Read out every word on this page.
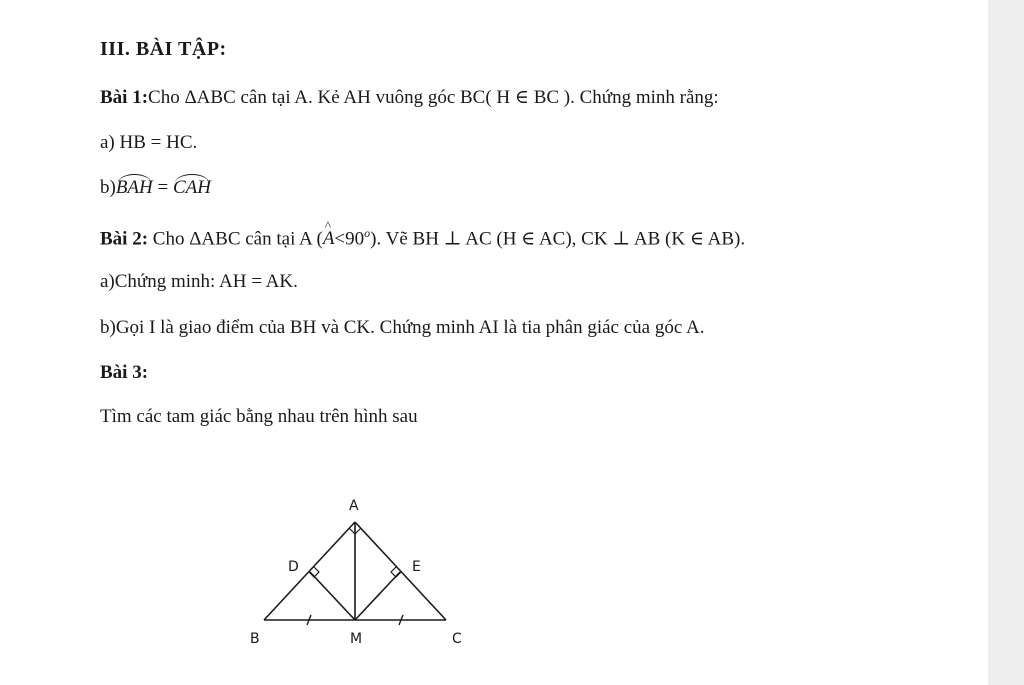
III. BÀI TẬP:
Bài 1:Cho ΔABC cân tại A. Kẻ AH vuông góc BC( H ∈ BC ). Chứng minh rằng:
a) HB = HC.
b)BAH = CAH
Bài 2: Cho ΔABC cân tại A (^ $A<90^o$). Vẽ BH ⊥ AC (H ∈ AC), CK ⊥ AB (K ∈ AB).
a)Chứng minh: AH = AK.
b)Gọi I là giao điểm của BH và CK. Chứng minh AI là tia phân giác của góc A.
Bài 3:
Tìm các tam giác bằng nhau trên hình sau
A
B	C
D	E
M
